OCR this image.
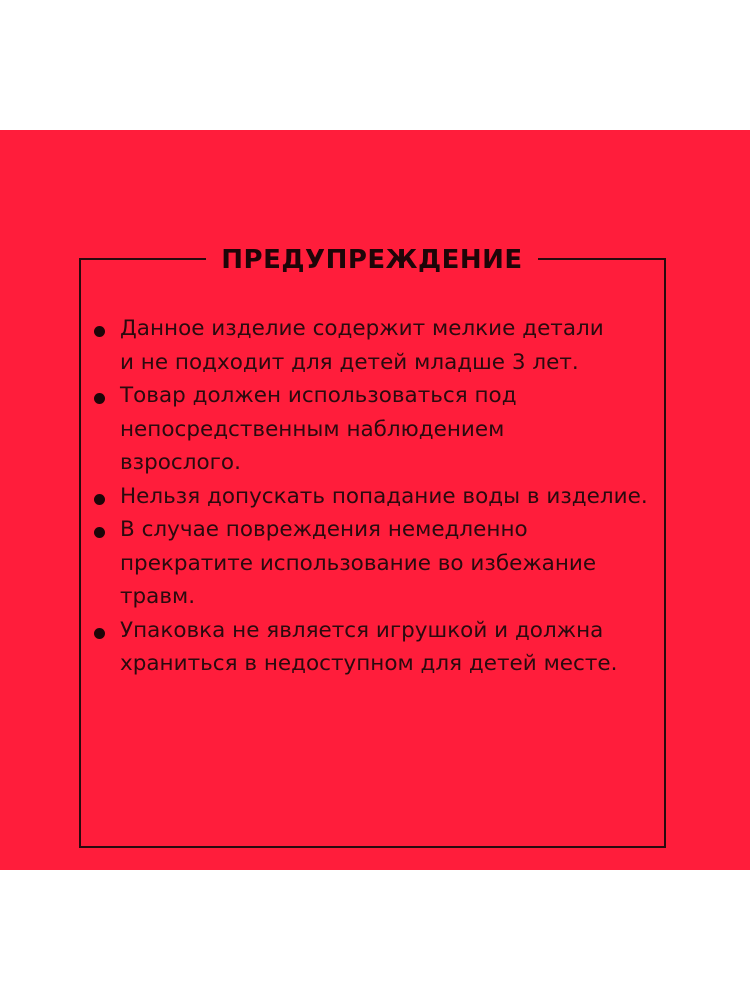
ПРЕДУПРЕЖДЕНИЕ
Данное изделие содержит мелкие детали
и не подходит для детей младше 3 лет.
Товар должен использоваться под
непосредственным наблюдением
взрослого.
Нельзя допускать попадание воды в изделие.
В случае повреждения немедленно
прекратите использование во избежание
травм.
Упаковка не является игрушкой и должна
храниться в недоступном для детей месте.
